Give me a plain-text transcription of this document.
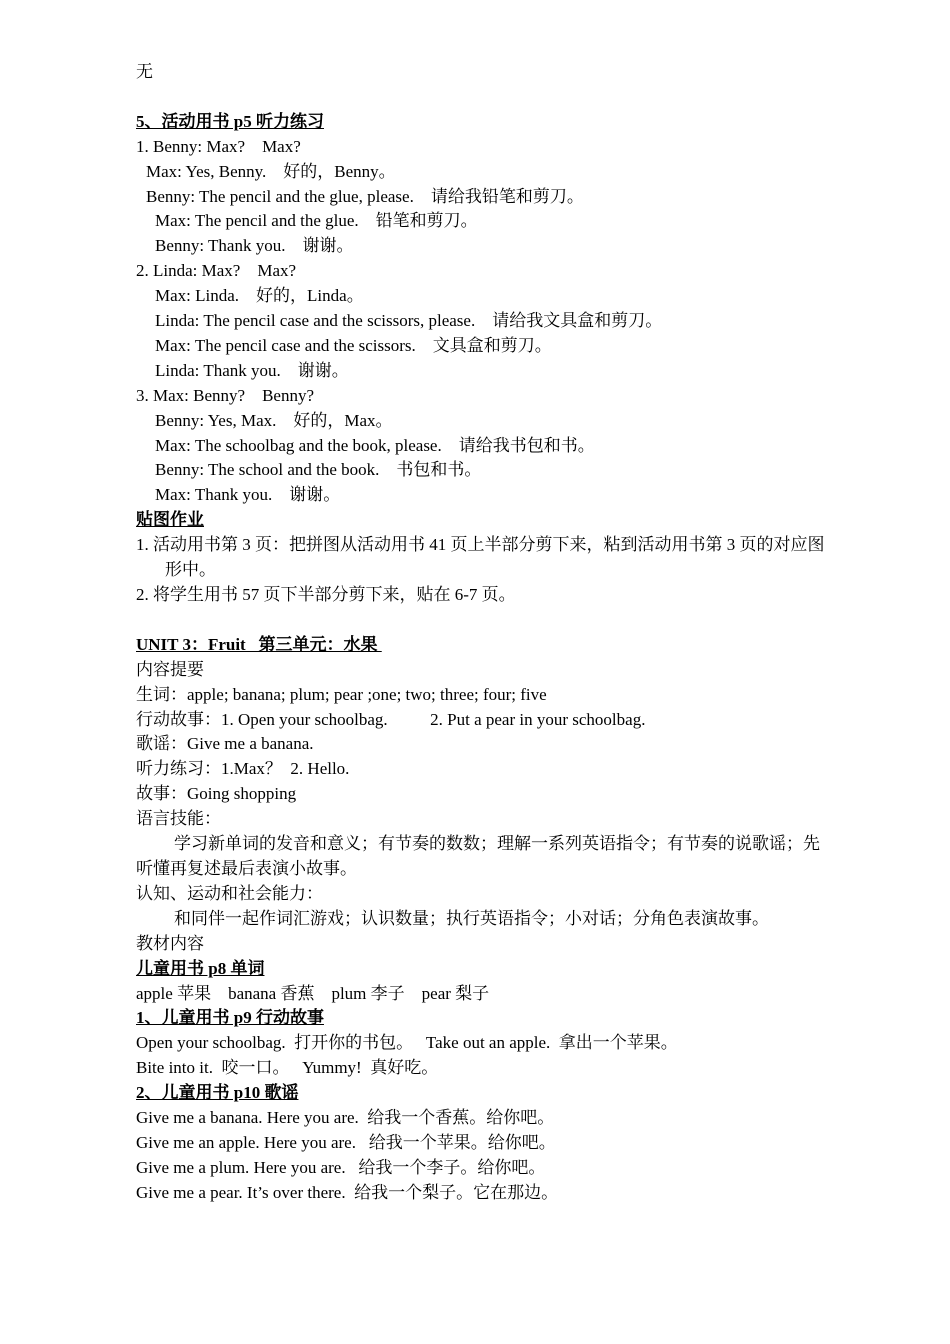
无
5、活动用书 p5 听力练习
1. Benny: Max?    Max?
Max: Yes, Benny.    好的，Benny。
Benny: The pencil and the glue, please.    请给我铅笔和剪刀。
Max: The pencil and the glue.    铅笔和剪刀。
Benny: Thank you.    谢谢。
2. Linda: Max?    Max?
Max: Linda.    好的，Linda。
Linda: The pencil case and the scissors, please.    请给我文具盒和剪刀。
Max: The pencil case and the scissors.    文具盒和剪刀。
Linda: Thank you.    谢谢。
3. Max: Benny?    Benny?
Benny: Yes, Max.    好的，Max。
Max: The schoolbag and the book, please.    请给我书包和书。
Benny: The school and the book.    书包和书。
Max: Thank you.    谢谢。
贴图作业
1. 活动用书第 3 页：把拼图从活动用书 41 页上半部分剪下来，粘到活动用书第 3 页的对应图形中。
2. 将学生用书 57 页下半部分剪下来，贴在 6-7 页。
UNIT 3：Fruit   第三单元：水果
内容提要
生词：apple; banana; plum; pear ;one; two; three; four; five
行动故事：1. Open your schoolbag.          2. Put a pear in your schoolbag.
歌谣：Give me a banana.
听力练习：1.Max？  2. Hello.
故事：Going shopping
语言技能：
学习新单词的发音和意义；有节奏的数数；理解一系列英语指令；有节奏的说歌谣；先听懂再复述最后表演小故事。
认知、运动和社会能力：
和同伴一起作词汇游戏；认识数量；执行英语指令；小对话；分角色表演故事。
教材内容
儿童用书 p8 单词
apple 苹果    banana 香蕉    plum 李子    pear 梨子
1、儿童用书 p9 行动故事
Open your schoolbag.  打开你的书包。   Take out an apple.  拿出一个苹果。
Bite into it.  咬一口。   Yummy!  真好吃。
2、儿童用书 p10 歌谣
Give me a banana. Here you are.  给我一个香蕉。给你吧。
Give me an apple. Here you are.   给我一个苹果。给你吧。
Give me a plum. Here you are.   给我一个李子。给你吧。
Give me a pear. It’s over there.  给我一个梨子。它在那边。
